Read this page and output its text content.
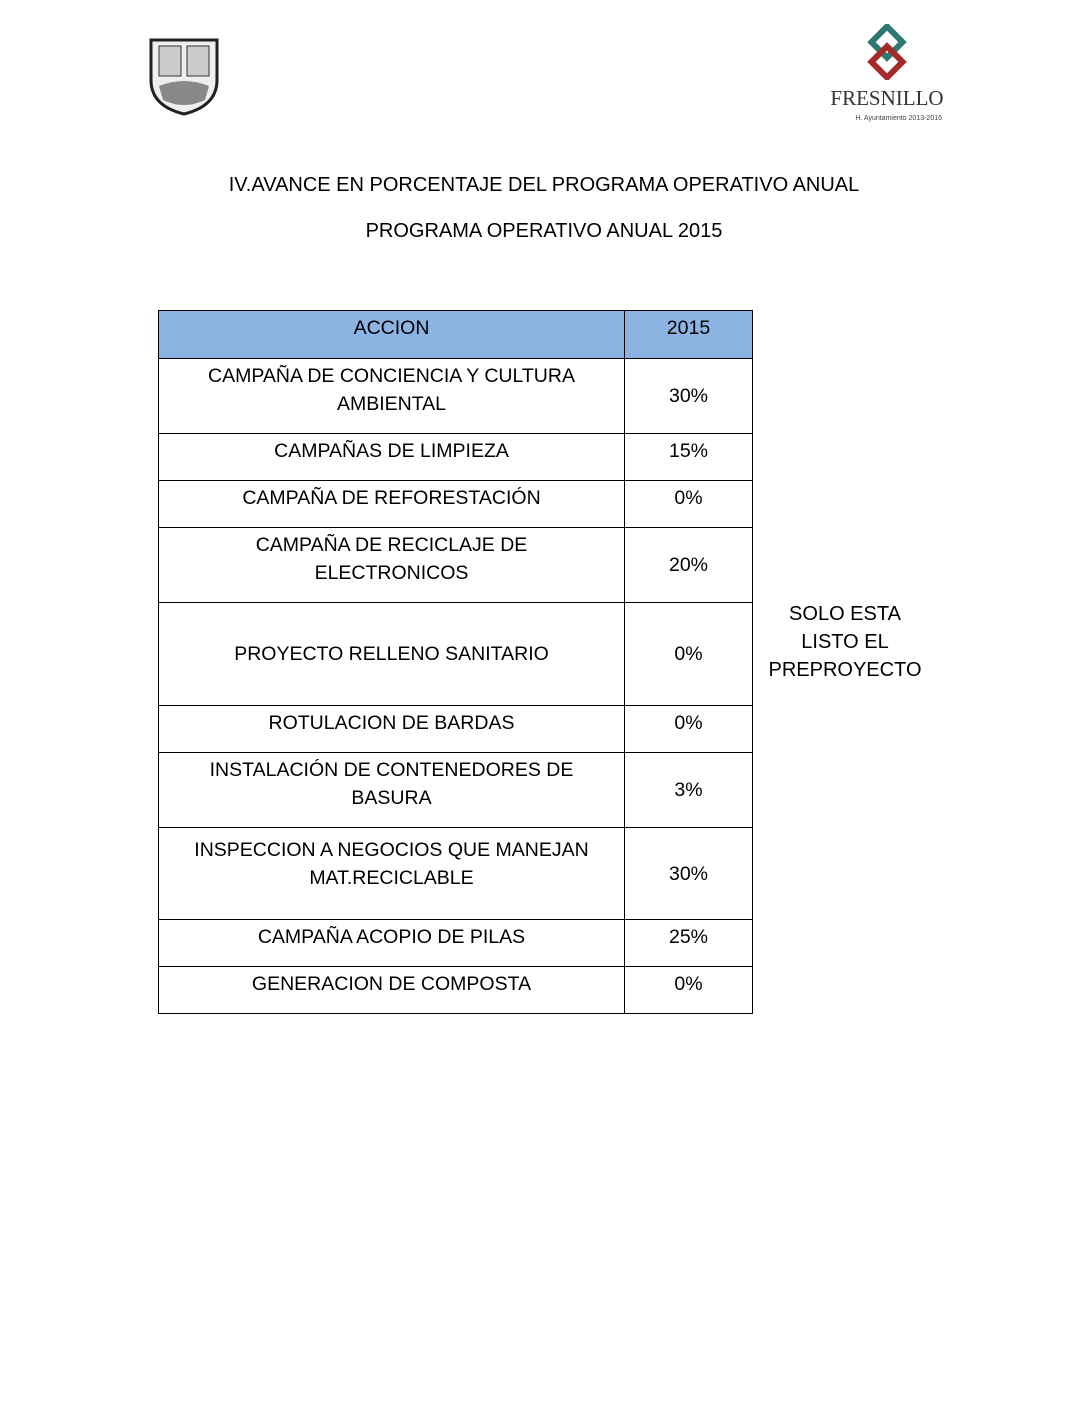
FRESNILLO
H. Ayuntamiento 2013-2016
IV.AVANCE EN PORCENTAJE DEL PROGRAMA OPERATIVO ANUAL
PROGRAMA OPERATIVO ANUAL 2015
ACCION	2015
CAMPAÑA DE CONCIENCIA Y CULTURA AMBIENTAL	30%
CAMPAÑAS DE LIMPIEZA	15%
CAMPAÑA DE REFORESTACIÓN	0%
CAMPAÑA DE RECICLAJE DE ELECTRONICOS	20%
PROYECTO RELLENO SANITARIO	0%
ROTULACION DE BARDAS	0%
INSTALACIÓN DE CONTENEDORES DE BASURA	3%
INSPECCION A NEGOCIOS QUE MANEJAN MAT.RECICLABLE	30%
CAMPAÑA ACOPIO DE PILAS	25%
GENERACION DE COMPOSTA	0%
SOLO ESTA LISTO EL PREPROYECTO
